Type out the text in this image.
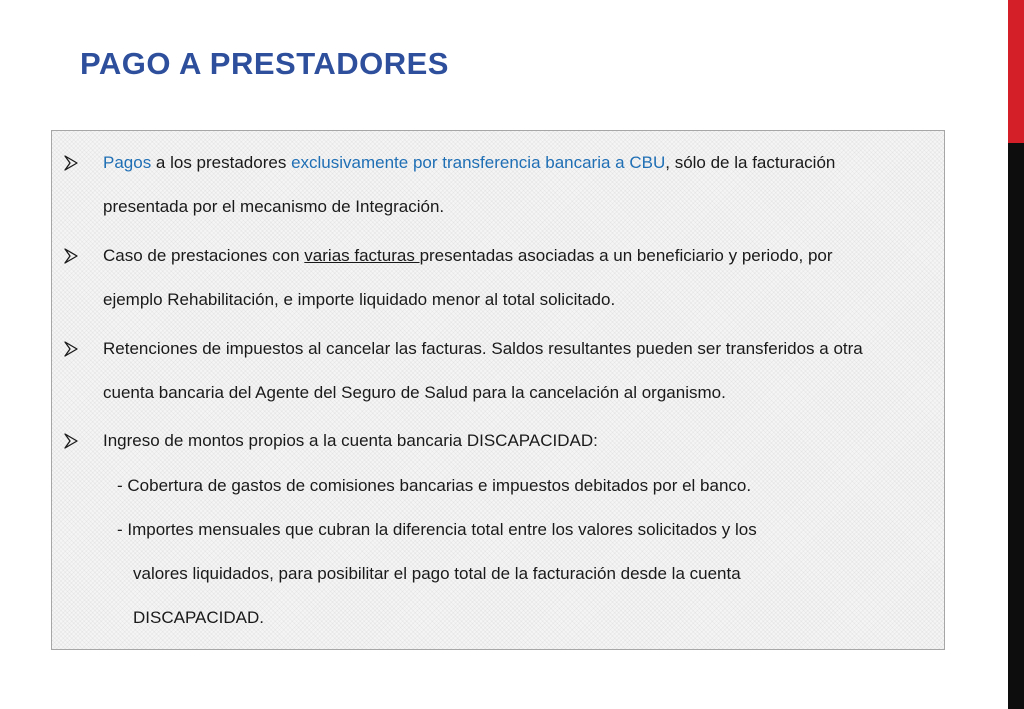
PAGO A PRESTADORES
Pagos a los prestadores exclusivamente por transferencia bancaria a CBU, sólo de la facturación
presentada por el mecanismo de Integración.
Caso de prestaciones con varias facturas presentadas asociadas a un beneficiario y periodo, por
ejemplo Rehabilitación, e importe liquidado menor al total solicitado.
Retenciones de impuestos al cancelar las facturas. Saldos resultantes pueden ser transferidos a otra
cuenta bancaria del Agente del Seguro de Salud para la cancelación al organismo.
Ingreso de montos propios a la cuenta bancaria DISCAPACIDAD:
- Cobertura de gastos de comisiones bancarias e impuestos debitados por el banco.
- Importes mensuales que cubran la diferencia total entre los valores solicitados y los
valores liquidados, para posibilitar el pago total de la facturación desde la cuenta
DISCAPACIDAD.
